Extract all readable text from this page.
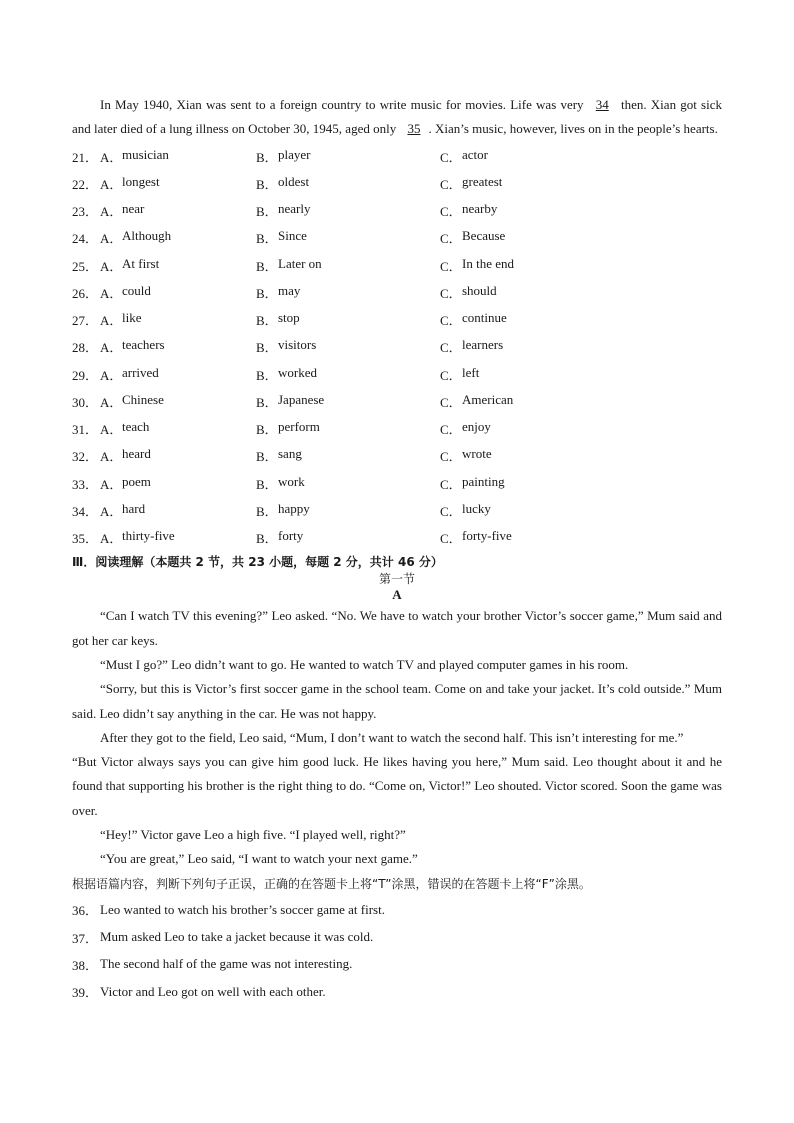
In May 1940, Xian was sent to a foreign country to write music for movies. Life was very 34 then. Xian got sick and later died of a lung illness on October 30, 1945, aged only 35 . Xian’s music, however, lives on in the people’s hearts.

21． A． musician	B． player	C． actor
22． A． longest	B． oldest	C． greatest
23． A． near	B． nearly	C． nearby
24． A． Although	B． Since	C． Because
25． A． At first	B． Later on	C． In the end
26． A． could	B． may	C． should
27． A． like	B． stop	C． continue
28． A． teachers	B． visitors	C． learners
29． A． arrived	B． worked	C． left
30． A． Chinese	B． Japanese	C． American
31． A． teach	B． perform	C． enjoy
32． A． heard	B． sang	C． wrote
33． A． poem	B． work	C． painting
34． A． hard	B． happy	C． lucky
35． A． thirty-five	B． forty	C． forty-five
Ⅲ．阅读理解（本题共 2 节，共 23 小题，每题 2 分，共计 46 分）
第一节
A

“Can I watch TV this evening?” Leo asked. “No. We have to watch your brother Victor’s soccer game,” Mum said and got her car keys.

“Must I go?” Leo didn’t want to go. He wanted to watch TV and played computer games in his room.

“Sorry, but this is Victor’s first soccer game in the school team. Come on and take your jacket. It’s cold outside.” Mum said. Leo didn’t say anything in the car. He was not happy.

After they got to the field, Leo said, “Mum, I don’t want to watch the second half. This isn’t interesting for me.”

“But Victor always says you can give him good luck. He likes having you here,” Mum said. Leo thought about it and he found that supporting his brother is the right thing to do. “Come on, Victor!” Leo shouted. Victor scored. Soon the game was over.

“Hey!” Victor gave Leo a high five. “I played well, right?”

“You are great,” Leo said, “I want to watch your next game.”

根据语篇内容，判断下列句子正误，正确的在答题卡上将“T”涂黑，错误的在答题卡上将“F”涂黑。
36． Leo wanted to watch his brother’s soccer game at first.
37． Mum asked Leo to take a jacket because it was cold.
38． The second half of the game was not interesting.
39． Victor and Leo got on well with each other.
